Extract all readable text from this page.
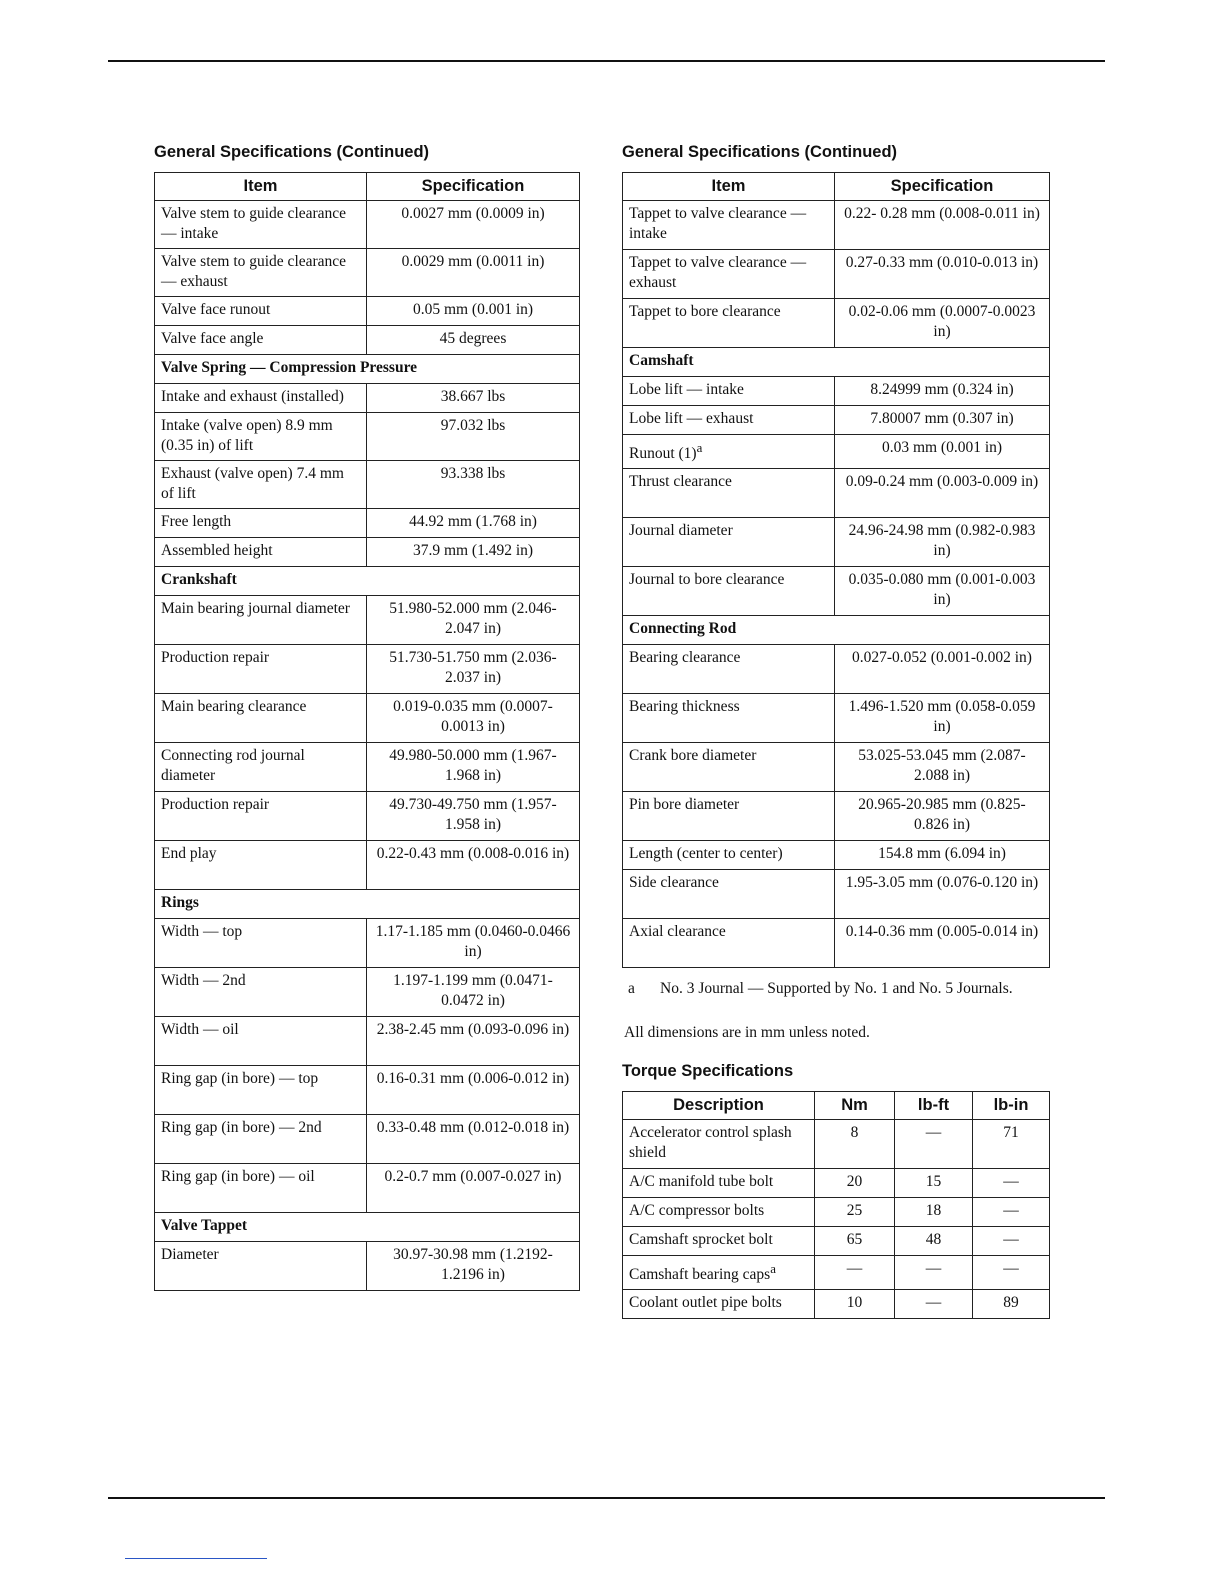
General Specifications (Continued)
Item	Specification
Valve stem to guide clearance — intake	0.0027 mm (0.0009 in)
Valve stem to guide clearance — exhaust	0.0029 mm (0.0011 in)
Valve face runout	0.05 mm (0.001 in)
Valve face angle	45 degrees
Valve Spring — Compression Pressure	
Intake and exhaust (installed)	38.667 lbs
Intake (valve open) 8.9 mm (0.35 in) of lift	97.032 lbs
Exhaust (valve open) 7.4 mm of lift	93.338 lbs
Free length	44.92 mm (1.768 in)
Assembled height	37.9 mm (1.492 in)
Crankshaft	
Main bearing journal diameter	51.980-52.000 mm (2.046-2.047 in)
Production repair	51.730-51.750 mm (2.036-2.037 in)
Main bearing clearance	0.019-0.035 mm (0.0007-0.0013 in)
Connecting rod journal diameter	49.980-50.000 mm (1.967-1.968 in)
Production repair	49.730-49.750 mm (1.957-1.958 in)
End play	0.22-0.43 mm (0.008-0.016 in)
Rings	
Width — top	1.17-1.185 mm (0.0460-0.0466 in)
Width — 2nd	1.197-1.199 mm (0.0471-0.0472 in)
Width — oil	2.38-2.45 mm (0.093-0.096 in)
Ring gap (in bore) — top	0.16-0.31 mm (0.006-0.012 in)
Ring gap (in bore) — 2nd	0.33-0.48 mm (0.012-0.018 in)
Ring gap (in bore) — oil	0.2-0.7 mm (0.007-0.027 in)
Valve Tappet	
Diameter	30.97-30.98 mm (1.2192-1.2196 in)
General Specifications (Continued)
Item	Specification
Tappet to valve clearance — intake	0.22- 0.28 mm (0.008-0.011 in)
Tappet to valve clearance — exhaust	0.27-0.33 mm (0.010-0.013 in)
Tappet to bore clearance	0.02-0.06 mm (0.0007-0.0023 in)
Camshaft	
Lobe lift — intake	8.24999 mm (0.324 in)
Lobe lift — exhaust	7.80007 mm (0.307 in)
Runout $(1)^a$	0.03 mm (0.001 in)
Thrust clearance	0.09-0.24 mm (0.003-0.009 in)
Journal diameter	24.96-24.98 mm (0.982-0.983 in)
Journal to bore clearance	0.035-0.080 mm (0.001-0.003 in)
Connecting Rod	
Bearing clearance	0.027-0.052 (0.001-0.002 in)
Bearing thickness	1.496-1.520 mm (0.058-0.059 in)
Crank bore diameter	53.025-53.045 mm (2.087-2.088 in)
Pin bore diameter	20.965-20.985 mm (0.825-0.826 in)
Length (center to center)	154.8 mm (6.094 in)
Side clearance	1.95-3.05 mm (0.076-0.120 in)
Axial clearance	0.14-0.36 mm (0.005-0.014 in)
a	No. 3 Journal — Supported by No. 1 and No. 5 Journals.
All dimensions are in mm unless noted.
Torque Specifications
Description	Nm	lb-ft	lb-in
Accelerator control splash shield	8	—	71
A/C manifold tube bolt	20	15	—
A/C compressor bolts	25	18	—
Camshaft sprocket bolt	65	48	—
Camshaft bearing caps$^a$	—	—	—
Coolant outlet pipe bolts	10	—	89
